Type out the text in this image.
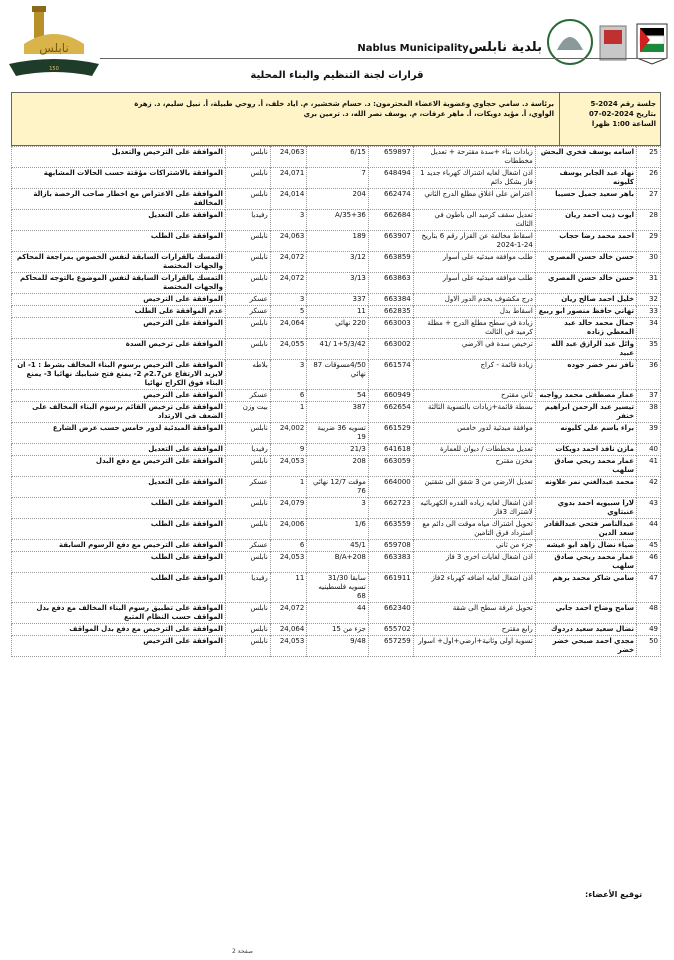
نابلس
150
بلدية نابلسNablus Municipality
قرارات لجنة التنظيم والبناء المحلية
جلسة رقم 2024-5
بتاريخ 2024-02-07
الساعة 1:00 ظهرا
برئاسة د. سامي حجاوي وعضوية الاعضاء المحترمون: د. حسام شخشير، م. اياد خلف، أ. روحي طبيلة، أ. نبيل سليم، د. زهرة الواوي، أ. مؤيد دويكات، أ. ماهر عرفات، م. يوسف نصر الله، د. ترمين بري
25	اسامه يوسف فخري البحش	زيادات بناء +سدة مقترحة + تعديل مخططات	659897	6/15	24,063	نابلس	الموافقة على الترخيص والتعديل
26	نهاد عبد الجابر يوسف كليونه	اذن اشغال لغايه اشتراك كهرباء جديد 1 فاز بشكل دائم	648494	7	24,071	نابلس	الموافقة بالاشتراكات مؤقتة حسب الحالات المشابهة
27	باهر سعيد جميل حسيبا	اعتراض على اغلاق مطلع الدرج الثاني	662474	204	24,014	نابلس	الموافقة على الاعتراض مع اخطار صاحب الرخصة بازالة المخالفة
28	ايوب ذيب احمد ريان	تعديل سقف كرميد الى باطون في الثالث	662684	A/35+36	3	رفيديا	الموافقة على التعديل
29	احمد محمد رضا حجاب	اسقاط مخالفة عن القرار رقم 6 بتاريخ 24-1-2024	663907	189	24,063	نابلس	الموافقة على الطلب
30	حسن خالد حسن المصري	طلب موافقه مبدئيه على أسوار	663859	3/12	24,072	نابلس	التمسك بالقرارات السابقة لنفس الخصوص بمراجعة المحاكم والجهات المختصة
31	حسن خالد حسن المصري	طلب موافقه مبدئيه على أسوار	663863	3/13	24,072	نابلس	التمسك بالقرارات السابقة لنفس الموضوع بالتوجه للمحاكم والجهات المختصة
32	خليل احمد صالح ريان	درج مكشوف يخدم الدور الاول	663384	337	3	عسكر	الموافقة على الترخيص
33	تهاني حافظ منصور ابو ربيع	اسقاط بدل	662835	11	5	عسكر	عدم الموافقة على الطلب
34	جمال محمد خالد عبد المعطي زناده	زيادة في سطح مطلع الدرج + مظلة كرميد في الثالث	663003	220 نهائي	24,064	نابلس	الموافقة على الترخيص
35	وائل عبد الرازق عبد الله عبيد	ترخيص سدة في الارضي	663002	1+5/3/42 /41	24,055	نابلس	الموافقة على ترخيص السدة
36	نافز نمر خضر جوده	زيادة قائمة - كراج	661574	4/50مسوقات 87 نهائي	3	بلاطه	الموافقة على الترخيص برسوم البناء المخالف بشرط : 1- ان لايزيد الارتفاع عن2.7م 2- يمنع فتح شبابيك نهائيا 3- يمنع البناء فوق الكراج نهائيا
37	عمار مصطفى محمد رواجبه	ثاني مقترح	660949	54	6	عسكر	الموافقة على الترخيص
38	تيسير عبد الرحمن ابراهيم خنفر	بسطة قائمة+زيادات بالتسوية الثالثة	662654	387	1	بيت وزن	الموافقة على ترخيص القائم برسوم البناء المخالف على الضعف في الارتداد
39	براء باسم علي كليونه	موافقة مبدئية لدور خامس	661529	تسويه 36 ضريبة 19	24,002	نابلس	الموافقة المبدئية لدور خامس حسب عرض الشارع
40	مازن نافذ احمد دويكات	تعديل مخططات / ديوان للعمارة	641618	21/3	9	رفيديا	الموافقة على التعديل
41	عمار محمد ربحي صادق سلهب	مخزن مقترح	663059	208	24,053	نابلس	الموافقة على الترخيص مع دفع البدل
42	محمد عبدالغني نمر علاونه	تعديل الارضي من 3 شقق الى شقتين	664000	موقت 12/7 نهائي 76	1	عسكر	الموافقة على التعديل
43	لارا سبيويه احمد بدوي عنبتاوي	اذن اشغال لغايه زياده القدره الكهربائيه لاشتراك 3فاز	662723	3	24,079	نابلس	الموافقة على الطلب
44	عبدالناصر فتحي عبدالقادر سعد الدين	تحويل اشتراك مياه موقت الى دائم مع استرداد فرق التامين	663559	1/6	24,006	نابلس	الموافقة على الطلب
45	ضياء نضال زاهد ابو عيشه	جزء من ثاني	659708	45/1	6	عسكر	الموافقة على الترخيص مع دفع الرسوم السابقة
46	عمار محمد ربحي صادق سلهب	اذن اشغال لغايات اخرى 3 فاز	663383	B/A+208	24,053	نابلس	الموافقة على الطلب
47	سامي شاكر محمد برهم	اذن اشغال لغايه اضافه كهرباء 2فاز	661911	سابقا 31/30 تسويه فلسطينيه 68	11	رفيديا	الموافقة على الطلب
48	سامح وضاح احمد جابي	تحويل غرفة سطح الى شقة	662340	44	24,072	نابلس	الموافقة على تطبيق رسوم البناء المخالف مع دفع بدل المواقف حسب النظام المتبع
49	نضال سعيد سعيد دردوك	رابع مقترح	655702	جزء من 15	24,064	نابلس	الموافقة على الترخيص مع دفع بدل المواقف
50	مجدي احمد صبحي خضر خضر	تسوية اولى وثانية+ارضي+اول+ اسوار	657259	9/48	24,053	نابلس	الموافقة على الترخيص
توقيع الأعضاء:
صفحة 2
